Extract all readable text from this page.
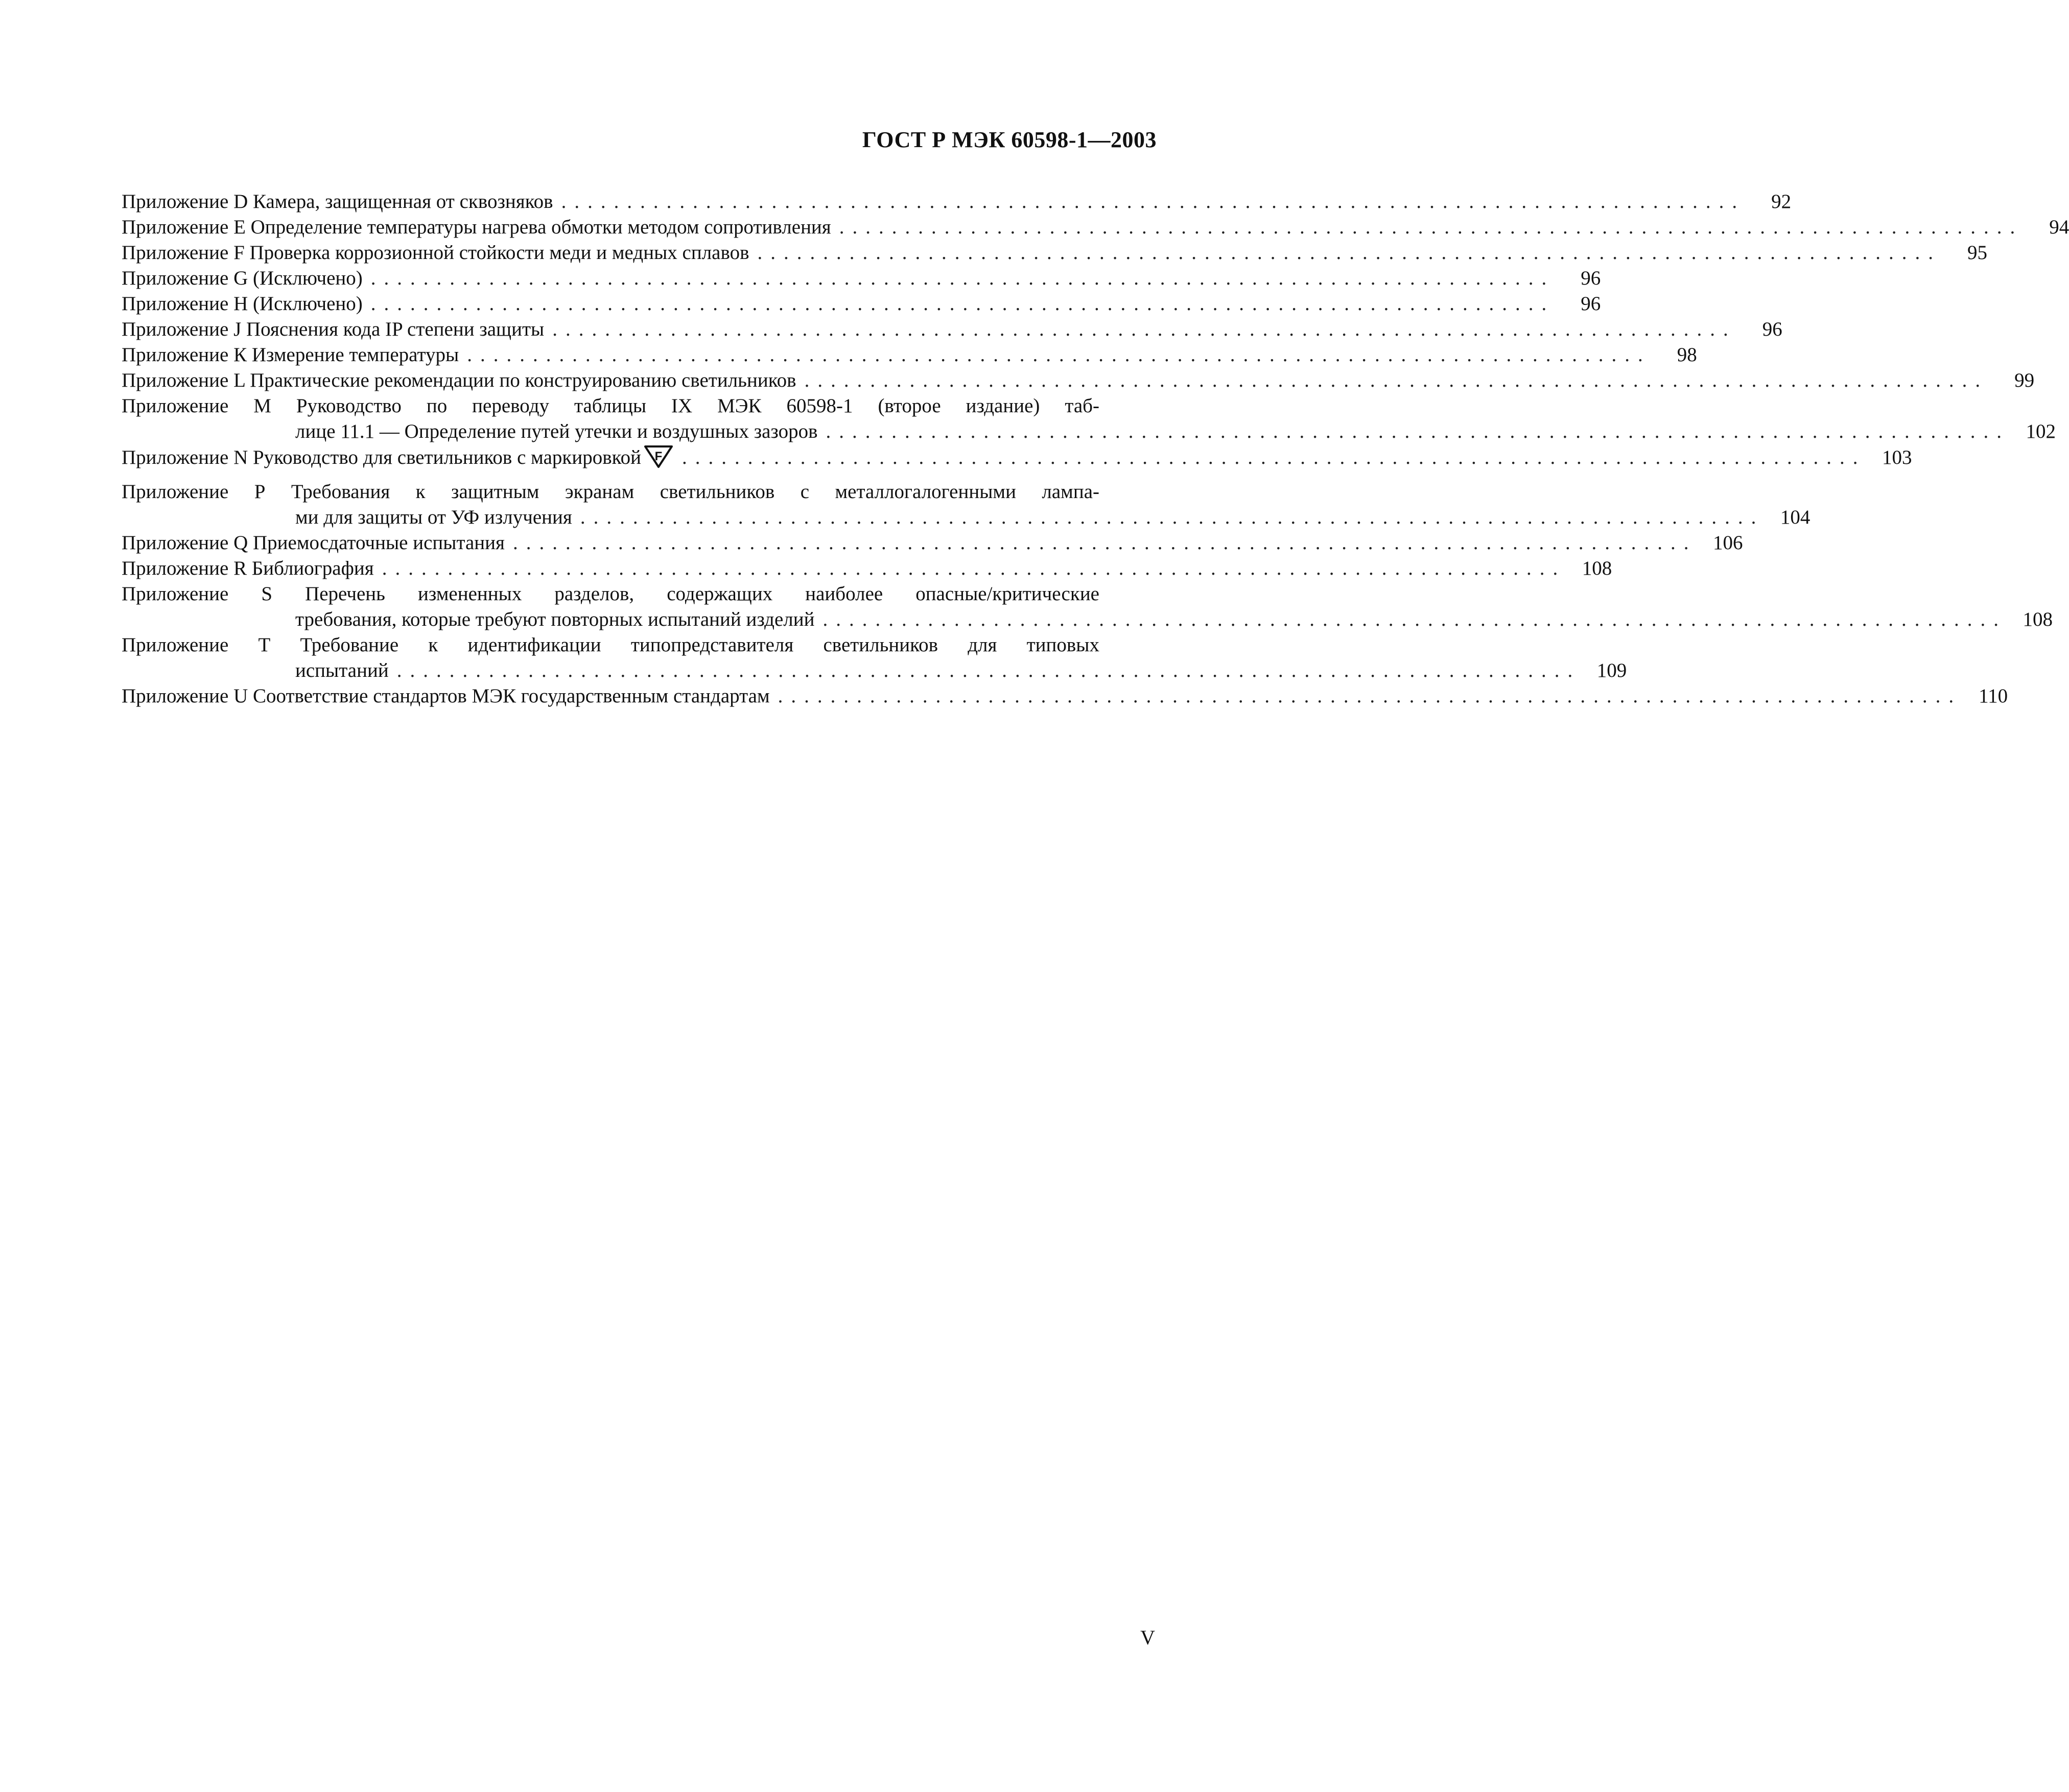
ГОСТ Р МЭК 60598-1—2003
Приложение D Камера, защищенная от сквозняков ..........................................................................................	92
Приложение Е Определение температуры нагрева обмотки методом сопротивления ..........................................................................................	94
Приложение F Проверка коррозионной стойкости меди и медных сплавов ..........................................................................................	95
Приложение G (Исключено) ..........................................................................................	96
Приложение Н (Исключено) ..........................................................................................	96
Приложение J Пояснения кода IP степени защиты ..........................................................................................	96
Приложение К Измерение температуры ..........................................................................................	98
Приложение L Практические рекомендации по конструированию светильников ..........................................................................................	99
Приложение М Руководство по переводу таблицы IX МЭК 60598-1 (второе издание) таб-
лице 11.1 — Определение путей утечки и воздушных зазоров .......................................................................................... 102
Приложение N Руководство для светильников с маркировкой F .......................................................................................... 103
Приложение Р Требования к защитным экранам светильников с металлогалогенными лампа-
ми для защиты от УФ излучения .......................................................................................... 104
Приложение Q Приемосдаточные испытания .......................................................................................... 106
Приложение R Библиография .......................................................................................... 108
Приложение S Перечень измененных разделов, содержащих наиболее опасные/критические
требования, которые требуют повторных испытаний изделий .......................................................................................... 108
Приложение Т Требование к идентификации типопредставителя светильников для типовых
испытаний .......................................................................................... 109
Приложение U Соответствие стандартов МЭК государственным стандартам .......................................................................................... 110
V
